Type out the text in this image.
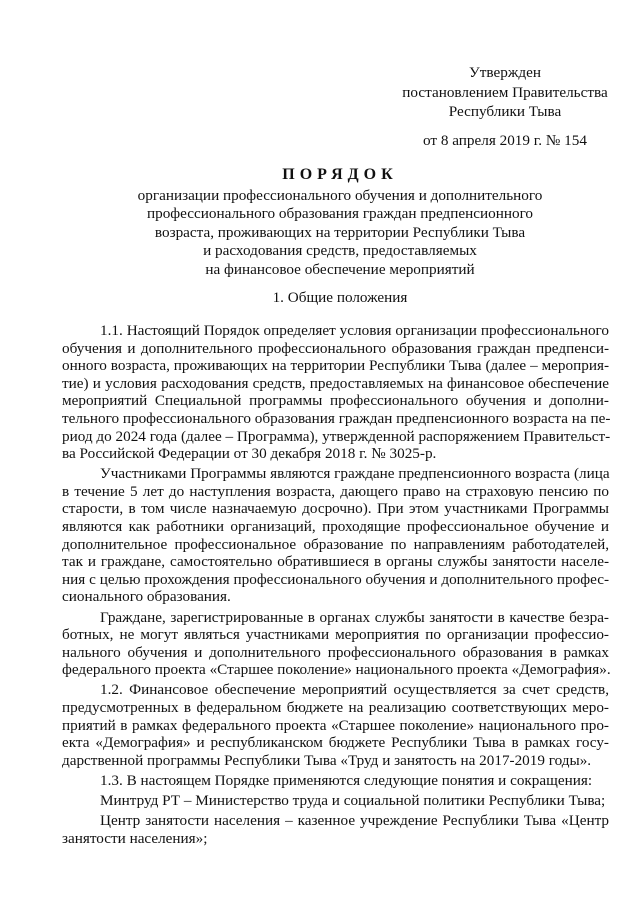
Утвержден
постановлением Правительства
Республики Тыва
от 8 апреля 2019 г. № 154
ПОРЯДОК
организации профессионального обучения и дополнительного
профессионального образования граждан предпенсионного
возраста, проживающих на территории Республики Тыва
и расходования средств, предоставляемых
на финансовое обеспечение мероприятий
1. Общие положения
1.1. Настоящий Порядок определяет условия организации профессионального
обучения и дополнительного профессионального образования граждан предпенси-
онного возраста, проживающих на территории Республики Тыва (далее – мероприя-
тие) и условия расходования средств, предоставляемых на финансовое обеспечение
мероприятий Специальной программы профессионального обучения и дополни-
тельного профессионального образования граждан предпенсионного возраста на пе-
риод до 2024 года (далее – Программа), утвержденной распоряжением Правительст-
ва Российской Федерации от 30 декабря 2018 г. № 3025-р.
Участниками Программы являются граждане предпенсионного возраста (лица
в течение 5 лет до наступления возраста, дающего право на страховую пенсию по
старости, в том числе назначаемую досрочно). При этом участниками Программы
являются как работники организаций, проходящие профессиональное обучение и
дополнительное профессиональное образование по направлениям работодателей,
так и граждане, самостоятельно обратившиеся в органы службы занятости населе-
ния с целью прохождения профессионального обучения и дополнительного профес-
сионального образования.
Граждане, зарегистрированные в органах службы занятости в качестве безра-
ботных, не могут являться участниками мероприятия по организации профессио-
нального обучения и дополнительного профессионального образования в рамках
федерального проекта «Старшее поколение» национального проекта «Демография».
1.2. Финансовое обеспечение мероприятий осуществляется за счет средств,
предусмотренных в федеральном бюджете на реализацию соответствующих меро-
приятий в рамках федерального проекта «Старшее поколение» национального про-
екта «Демография» и республиканском бюджете Республики Тыва в рамках госу-
дарственной программы Республики Тыва «Труд и занятость на 2017-2019 годы».
1.3. В настоящем Порядке применяются следующие понятия и сокращения:
Минтруд РТ – Министерство труда и социальной политики Республики Тыва;
Центр занятости населения – казенное учреждение Республики Тыва «Центр
занятости населения»;
